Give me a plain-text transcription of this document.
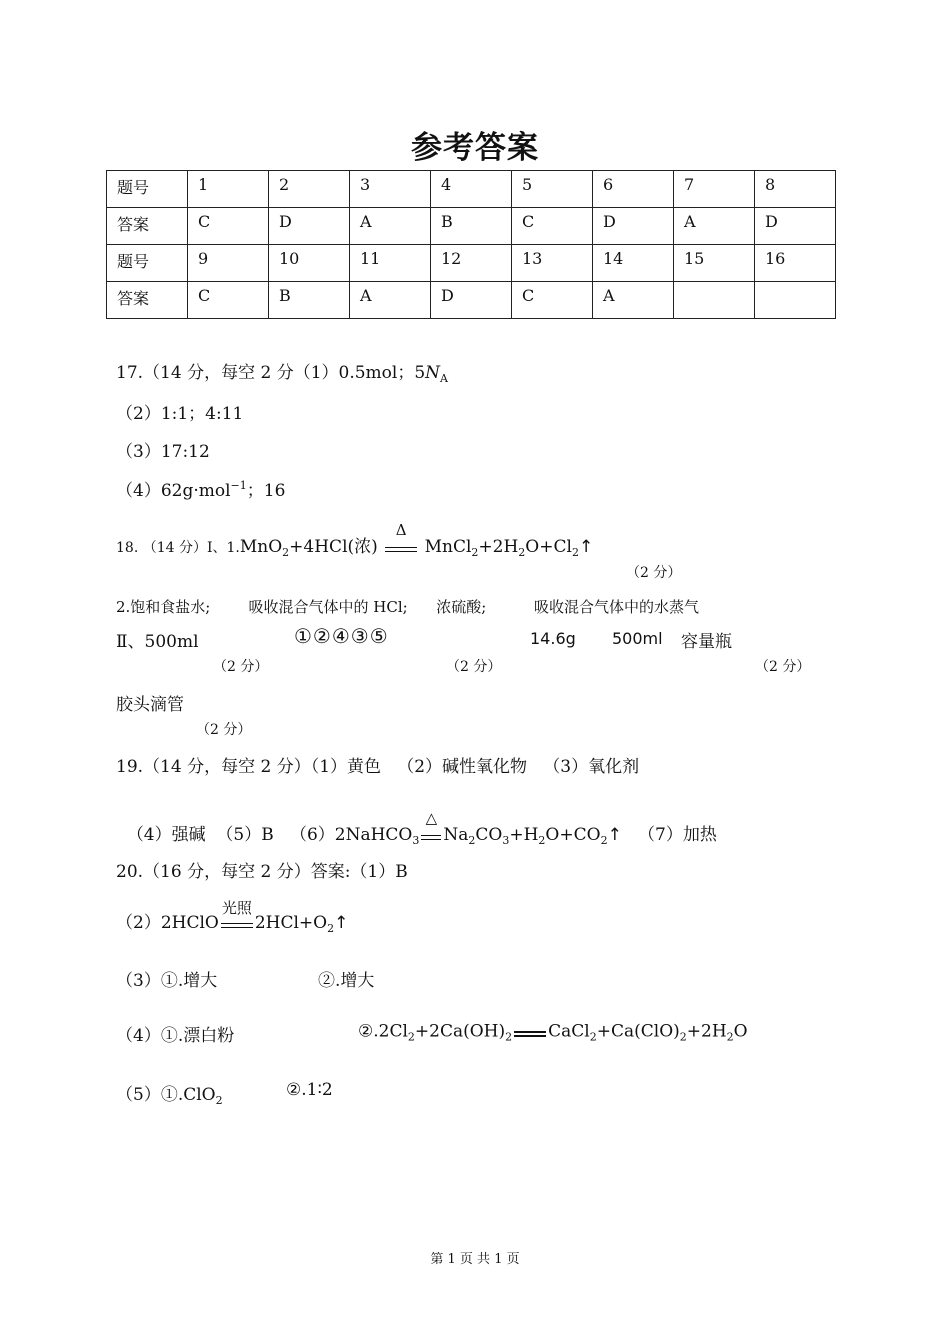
参考答案
题号	1	2	3	4	5	6	7	8
答案	C	D	A	B	C	D	A	D
题号	9	10	11	12	13	14	15	16
答案	C	B	A	D	C	A		
17.（14 分，每空 2 分（1）0.5mol；$5N_A$
（2）1:1；4:11
（3）17:12
（4）62g·mol$^{-1}$；16
18. （14 分）Ⅰ、1.MnO$_2$+4HCl(浓)
Δ
$MnCl_2+2H_2O+Cl_2↑$
（2 分）
2.饱和食盐水;        吸收混合气体中的 HCl;      浓硫酸;          吸收混合气体中的水蒸气
Ⅱ、500ml	①②④③⑤	14.6g 500ml 容量瓶
（2 分）	（2 分）	（2 分）
胶头滴管
（2 分）
19.（14 分，每空 2 分）（1）黄色   （2）碱性氧化物   （3）氧化剂

（4）强碱  （5）B   （6）2NaHCO$_3$
△
$Na_2CO_3+H_2O+CO_2↑$ （7）加热

20.（16 分，每空 2 分）答案:（1）B
（2）2HClO
光照
$2HCl+O_2↑$
（3）①.增大	②.增大
（4）①.漂白粉	$②.2Cl_2+2Ca(OH)_2$ $CaCl_2+Ca(ClO)_2+2H_2O$
（5）①.ClO$_2$
②.1∶2
第 1 页 共 1 页
